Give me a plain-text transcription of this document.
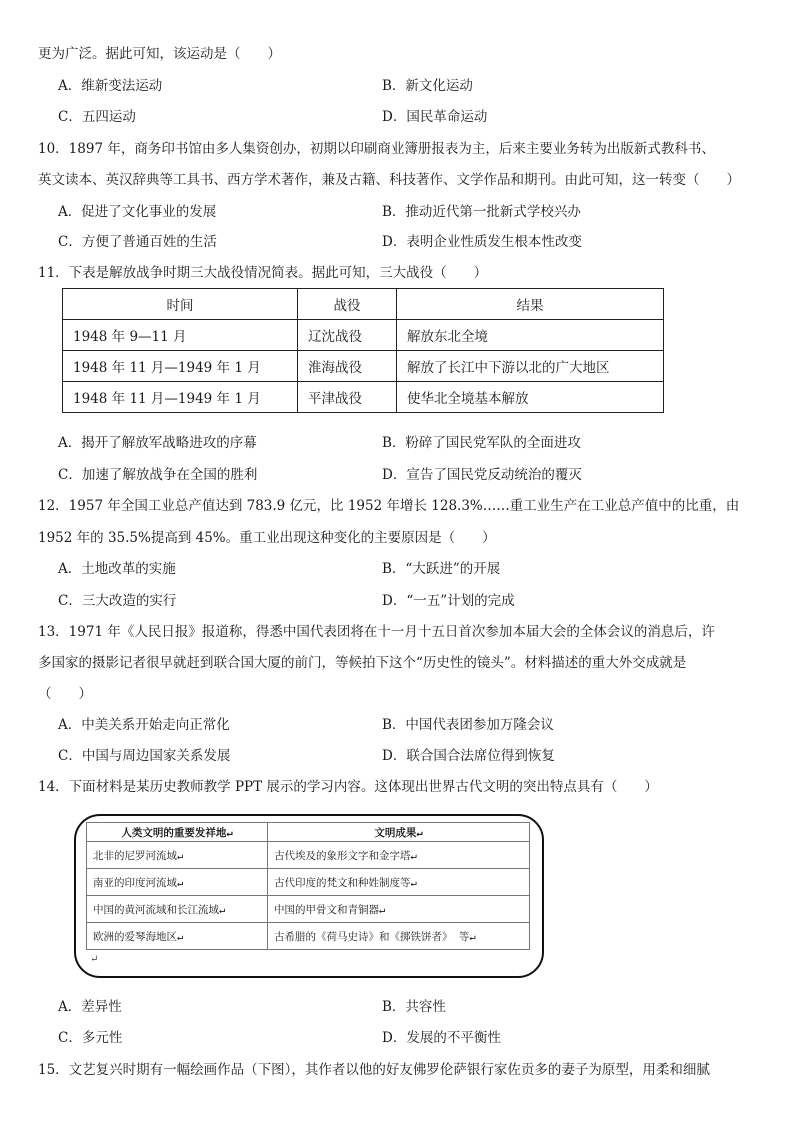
更为广泛。据此可知，该运动是（　　）
A．维新变法运动	B．新文化运动
C．五四运动	D．国民革命运动
10．1897 年，商务印书馆由多人集资创办，初期以印刷商业簿册报表为主，后来主要业务转为出版新式教科书、
英文读本、英汉辞典等工具书、西方学术著作，兼及古籍、科技著作、文学作品和期刊。由此可知，这一转变（　　）
A．促进了文化事业的发展	B．推动近代第一批新式学校兴办
C．方便了普通百姓的生活	D．表明企业性质发生根本性改变
11．下表是解放战争时期三大战役情况简表。据此可知，三大战役（　　）
时间	战役	结果
1948 年 9—11 月	辽沈战役	解放东北全境
1948 年 11 月—1949 年 1 月	淮海战役	解放了长江中下游以北的广大地区
1948 年 11 月—1949 年 1 月	平津战役	使华北全境基本解放
A．揭开了解放军战略进攻的序幕	B．粉碎了国民党军队的全面进攻
C．加速了解放战争在全国的胜利	D．宣告了国民党反动统治的覆灭
12．1957 年全国工业总产值达到 783.9 亿元，比 1952 年增长 128.3%……重工业生产在工业总产值中的比重，由
1952 年的 35.5%提高到 45%。重工业出现这种变化的主要原因是（　　）
A．土地改革的实施	B．“大跃进”的开展
C．三大改造的实行	D．“一五”计划的完成
13．1971 年《人民日报》报道称，得悉中国代表团将在十一月十五日首次参加本届大会的全体会议的消息后，许
多国家的摄影记者很早就赶到联合国大厦的前门，等候拍下这个“历史性的镜头”。材料描述的重大外交成就是
（　　）
A．中美关系开始走向正常化	B．中国代表团参加万隆会议
C．中国与周边国家关系发展	D．联合国合法席位得到恢复
14．下面材料是某历史教师教学 PPT 展示的学习内容。这体现出世界古代文明的突出特点具有（　　）
人类文明的重要发祥地↵	文明成果↵
北非的尼罗河流域↵	古代埃及的象形文字和金字塔↵
南亚的印度河流域↵	古代印度的梵文和种姓制度等↵
中国的黄河流域和长江流域↵	中国的甲骨文和青铜器↵
欧洲的爱琴海地区↵	古希腊的《荷马史诗》和《掷铁饼者》 等↵
↵
A．差异性	B．共容性
C．多元性	D．发展的不平衡性
15．文艺复兴时期有一幅绘画作品（下图），其作者以他的好友佛罗伦萨银行家佐贡多的妻子为原型，用柔和细腻
